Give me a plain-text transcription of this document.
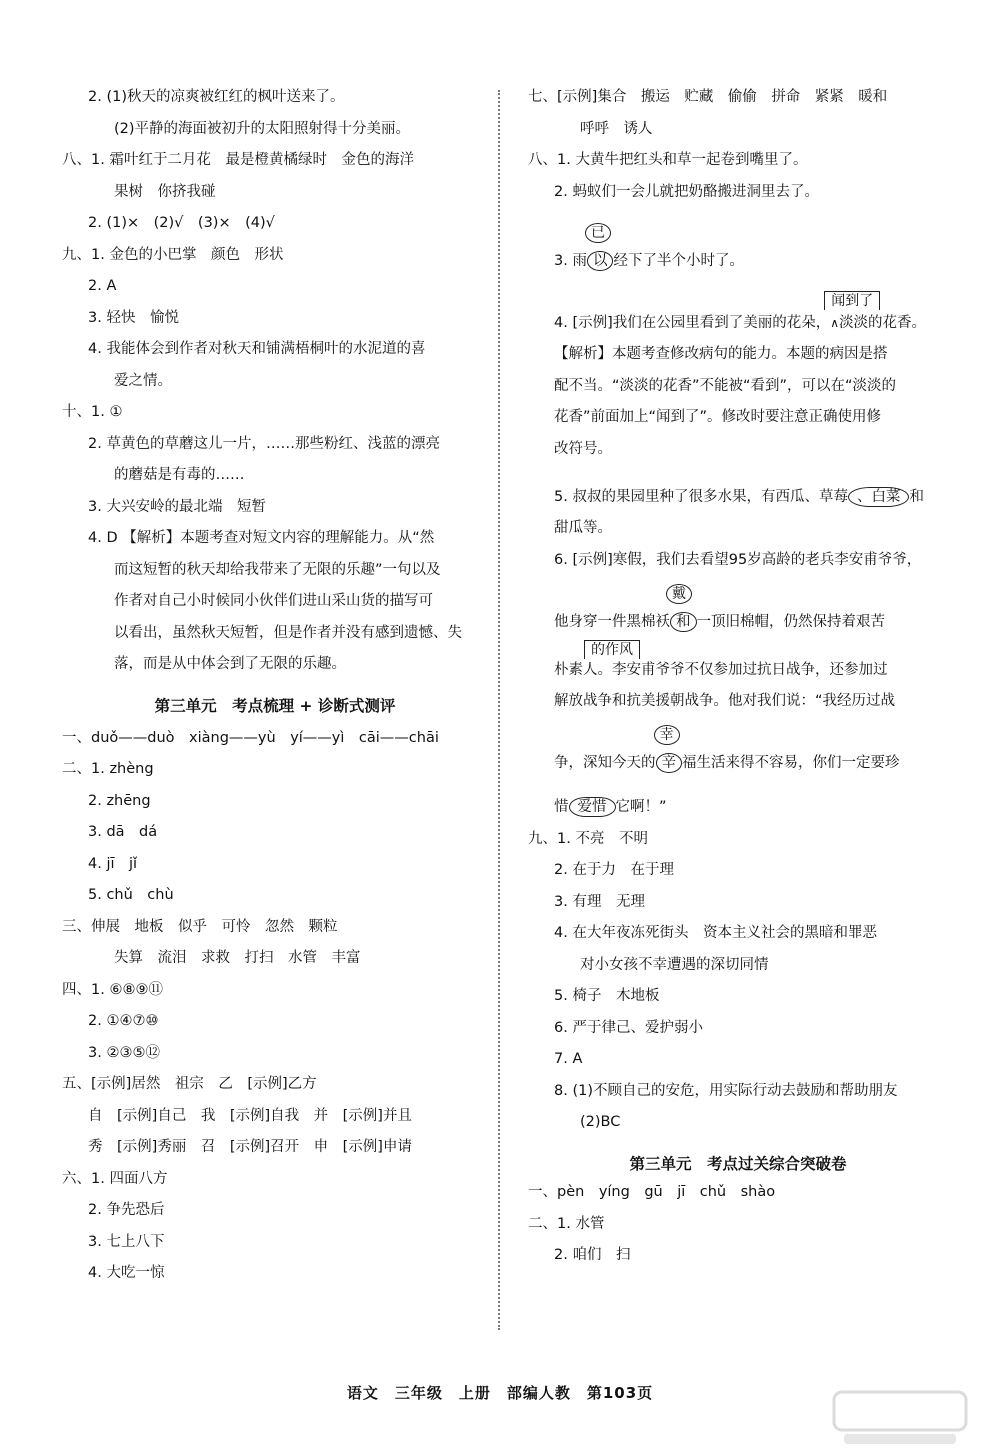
2. (1)秋天的凉爽被红红的枫叶送来了。

(2)平静的海面被初升的太阳照射得十分美丽。

八、1. 霜叶红于二月花　最是橙黄橘绿时　金色的海洋

果树　你挤我碰

2. (1)×　(2)√　(3)×　(4)√

九、1. 金色的小巴掌　颜色　形状

2. A

3. 轻快　愉悦

4. 我能体会到作者对秋天和铺满梧桐叶的水泥道的喜

爱之情。

十、1. ①

2. 草黄色的草蘑这儿一片，……那些粉红、浅蓝的漂亮

的蘑菇是有毒的……

3. 大兴安岭的最北端　短暂

4. D 【解析】本题考查对短文内容的理解能力。从“然

而这短暂的秋天却给我带来了无限的乐趣”一句以及

作者对自己小时候同小伙伴们进山采山货的描写可

以看出，虽然秋天短暂，但是作者并没有感到遗憾、失

落，而是从中体会到了无限的乐趣。

第三单元　考点梳理 + 诊断式测评

一、duǒ——duò　xiàng——yù　yí——yì　cāi——chāi

二、1. zhèng

2. zhēng

3. dā　dá

4. jī　jǐ

5. chǔ　chù

三、伸展　地板　似乎　可怜　忽然　颗粒

失算　流泪　求救　打扫　水管　丰富

四、1. ⑥⑧⑨⑪

2. ①④⑦⑩

3. ②③⑤⑫

五、[示例]居然　祖宗　乙　[示例]乙方

自　[示例]自己　我　[示例]自我　并　[示例]并且

秀　[示例]秀丽　召　[示例]召开　申　[示例]申请

六、1. 四面八方

2. 争先恐后

3. 七上八下

4. 大吃一惊

七、[示例]集合　搬运　贮藏　偷偷　拼命　紧紧　暖和

呼呼　诱人

八、1. 大黄牛把红头和草一起卷到嘴里了。

2. 蚂蚁们一会儿就把奶酪搬进洞里去了。

3. 雨 以
已
经下了半个小时了。

4. [示例]我们在公园里看到了美丽的花朵，∧
闻到了
淡淡的花香。

【解析】本题考查修改病句的能力。本题的病因是搭

配不当。“淡淡的花香”不能被“看到”，可以在“淡淡的

花香”前面加上“闻到了”。修改时要注意正确使用修

改符号。

5. 叔叔的果园里种了很多水果，有西瓜、草莓 、白菜 和

甜瓜等。

6. [示例]寒假，我们去看望95岁高龄的老兵李安甫爷爷，

他身穿一件黑棉袄 和
戴
一顶旧棉帽，仍然保持着艰苦

的作风
朴素人。李安甫爷爷不仅参加过抗日战争，还参加过

解放战争和抗美援朝战争。他对我们说：“我经历过战

争，深知今天的 辛
幸
福生活来得不容易，你们一定要珍

惜 爱惜 它啊！”

九、1. 不亮　不明

2. 在于力　在于理

3. 有理　无理

4. 在大年夜冻死街头　资本主义社会的黑暗和罪恶

对小女孩不幸遭遇的深切同情

5. 椅子　木地板

6. 严于律己、爱护弱小

7. A

8. (1)不顾自己的安危，用实际行动去鼓励和帮助朋友

(2)BC

第三单元　考点过关综合突破卷

一、pèn　yíng　gū　jī　chǔ　shào

二、1. 水管

2. 咱们　扫

语文　三年级　上册　部编人教　第103页
